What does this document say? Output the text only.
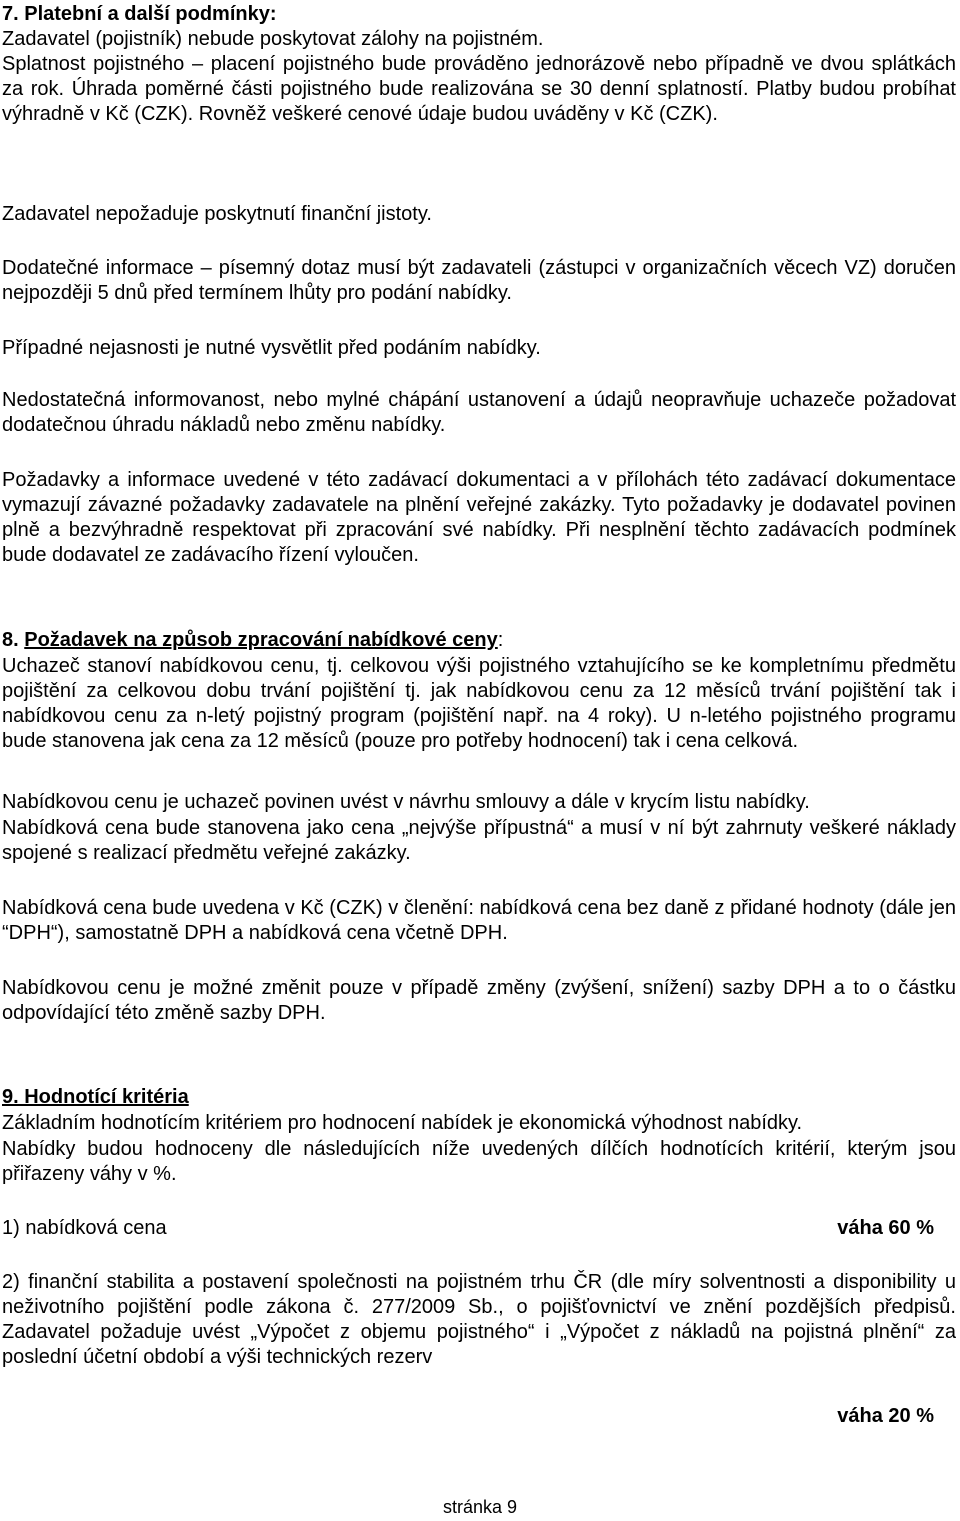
7. Platební a další podmínky:
Zadavatel (pojistník) nebude poskytovat zálohy na pojistném.

Splatnost pojistného – placení pojistného bude prováděno jednorázově nebo případně ve dvou splátkách za rok. Úhrada poměrné části pojistného bude realizována se 30 denní splatností. Platby budou probíhat výhradně v Kč (CZK). Rovněž veškeré cenové údaje budou uváděny v Kč (CZK).

Zadavatel nepožaduje poskytnutí finanční jistoty.

Dodatečné informace – písemný dotaz musí být zadavateli (zástupci v organizačních věcech VZ) doručen nejpozději 5 dnů před termínem lhůty pro podání nabídky.

Případné nejasnosti je nutné vysvětlit před podáním nabídky.

Nedostatečná informovanost, nebo mylné chápání ustanovení a údajů neopravňuje uchazeče požadovat dodatečnou úhradu nákladů nebo změnu nabídky.

Požadavky a informace uvedené v této zadávací dokumentaci a v přílohách této zadávací dokumentace vymazují závazné požadavky zadavatele na plnění veřejné zakázky. Tyto požadavky je dodavatel povinen plně a bezvýhradně respektovat při zpracování své nabídky. Při nesplnění těchto zadávacích podmínek bude dodavatel ze zadávacího řízení vyloučen.

8. Požadavek na způsob zpracování nabídkové ceny:

Uchazeč stanoví nabídkovou cenu, tj. celkovou výši pojistného vztahujícího se ke kompletnímu předmětu pojištění za celkovou dobu trvání pojištění tj. jak nabídkovou cenu za 12 měsíců trvání pojištění tak i nabídkovou cenu za n-letý pojistný program (pojištění např. na 4 roky). U n-letého pojistného programu bude stanovena jak cena za 12 měsíců (pouze pro potřeby hodnocení) tak i cena celková.

Nabídkovou cenu je uchazeč povinen uvést v návrhu smlouvy a dále v krycím listu nabídky.

Nabídková cena bude stanovena jako cena „nejvýše přípustná“ a musí v ní být zahrnuty veškeré náklady spojené s realizací předmětu veřejné zakázky.

Nabídková cena bude uvedena v Kč (CZK) v členění: nabídková cena bez daně z přidané hodnoty (dále jen “DPH“), samostatně DPH a nabídková cena včetně DPH.

Nabídkovou cenu je možné změnit pouze v případě změny (zvýšení, snížení) sazby DPH a to o částku odpovídající této změně sazby DPH.

9. Hodnotící kritéria
Základním hodnotícím kritériem pro hodnocení nabídek je ekonomická výhodnost nabídky.

Nabídky budou hodnoceny dle následujících níže uvedených dílčích hodnotících kritérií, kterým jsou přiřazeny váhy v %.

1) nabídková cena	váha 60 %

2) finanční stabilita a postavení společnosti na pojistném trhu ČR (dle míry solventnosti a disponibility u neživotního pojištění podle zákona č. 277/2009 Sb., o pojišťovnictví ve znění pozdějších předpisů. Zadavatel požaduje uvést „Výpočet z objemu pojistného“ i „Výpočet z nákladů na pojistná plnění“ za poslední účetní období a výši technických rezerv

váha 20 %
stránka 9
